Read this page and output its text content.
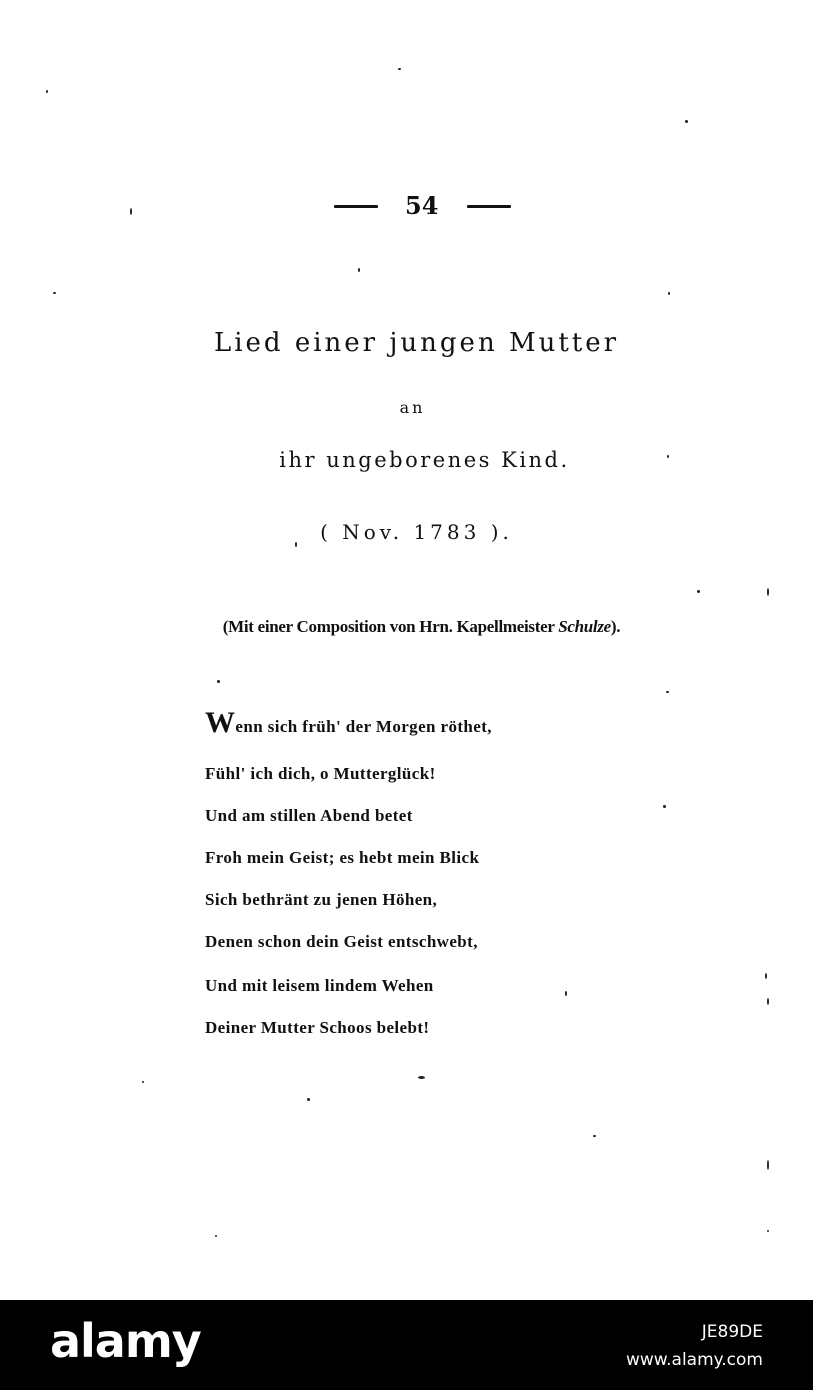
54
Lied einer jungen Mutter
an
ihr ungeborenes Kind.
( Nov. 1783 ).
(Mit einer Composition von Hrn. Kapellmeister Schulze).
Wenn sich früh' der Morgen röthet,
Fühl' ich dich, o Mutterglück!
Und am stillen Abend betet
Froh mein Geist; es hebt mein Blick
Sich bethränt zu jenen Höhen,
Denen schon dein Geist entschwebt,
Und mit leisem lindem Wehen
Deiner Mutter Schoos belebt!
alamy	JE89DE
www.alamy.com
